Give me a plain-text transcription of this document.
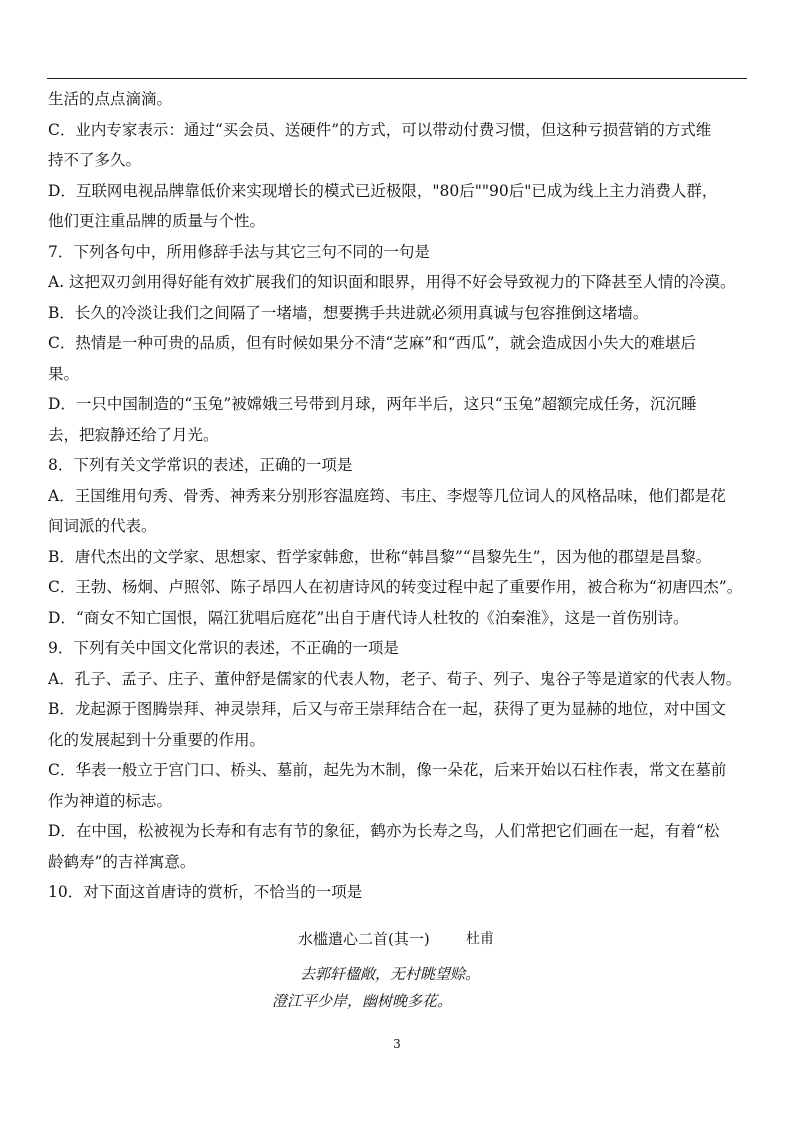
生活的点点滴滴。
C．业内专家表示：通过“买会员、送硬件”的方式，可以带动付费习惯，但这种亏损营销的方式维
持不了多久。
D．互联网电视品牌靠低价来实现增长的模式已近极限，"80后""90后"已成为线上主力消费人群，
他们更注重品牌的质量与个性。
7．下列各句中，所用修辞手法与其它三句不同的一句是
A. 这把双刃剑用得好能有效扩展我们的知识面和眼界，用得不好会导致视力的下降甚至人情的冷漠。
B．长久的冷淡让我们之间隔了一堵墙，想要携手共进就必须用真诚与包容推倒这堵墙。
C．热情是一种可贵的品质，但有时候如果分不清“芝麻”和“西瓜”，就会造成因小失大的难堪后
果。
D．一只中国制造的“玉兔”被嫦娥三号带到月球，两年半后，这只“玉兔”超额完成任务，沉沉睡
去，把寂静还给了月光。
8．下列有关文学常识的表述，正确的一项是
A．王国维用句秀、骨秀、神秀来分别形容温庭筠、韦庄、李煜等几位词人的风格品味，他们都是花
间词派的代表。
B．唐代杰出的文学家、思想家、哲学家韩愈，世称“韩昌黎”“昌黎先生”，因为他的郡望是昌黎。
C．王勃、杨炯、卢照邻、陈子昂四人在初唐诗风的转变过程中起了重要作用，被合称为“初唐四杰”。
D．“商女不知亡国恨，隔江犹唱后庭花”出自于唐代诗人杜牧的《泊秦淮》，这是一首伤别诗。
9．下列有关中国文化常识的表述，不正确的一项是
A．孔子、孟子、庄子、董仲舒是儒家的代表人物，老子、荀子、列子、鬼谷子等是道家的代表人物。
B．龙起源于图腾崇拜、神灵崇拜，后又与帝王崇拜结合在一起，获得了更为显赫的地位，对中国文
化的发展起到十分重要的作用。
C．华表一般立于宫门口、桥头、墓前，起先为木制，像一朵花，后来开始以石柱作表，常文在墓前
作为神道的标志。
D．在中国，松被视为长寿和有志有节的象征，鹤亦为长寿之鸟，人们常把它们画在一起，有着“松
龄鹤寿”的吉祥寓意。
10．对下面这首唐诗的赏析，不恰当的一项是
水槛遣心二首(其一)	杜甫
去郭轩楹敞，无村眺望赊。
澄江平少岸，幽树晚多花。
3
